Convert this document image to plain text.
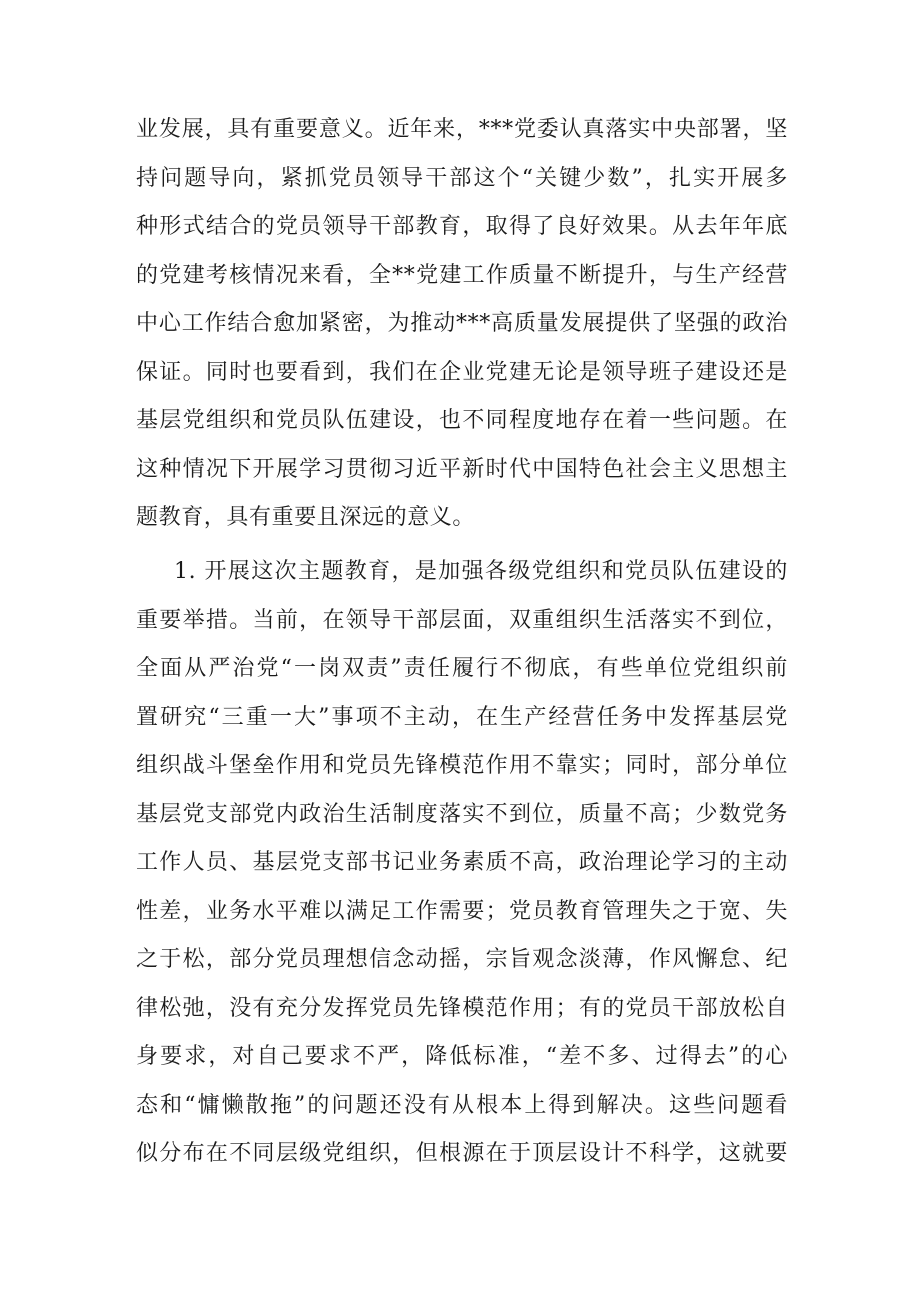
业发展，具有重要意义。近年来，***党委认真落实中央部署，坚
持问题导向，紧抓党员领导干部这个“关键少数”，扎实开展多
种形式结合的党员领导干部教育，取得了良好效果。从去年年底
的党建考核情况来看，全**党建工作质量不断提升，与生产经营
中心工作结合愈加紧密，为推动***高质量发展提供了坚强的政治
保证。同时也要看到，我们在企业党建无论是领导班子建设还是
基层党组织和党员队伍建设，也不同程度地存在着一些问题。在
这种情况下开展学习贯彻习近平新时代中国特色社会主义思想主
题教育，具有重要且深远的意义。
1. 开展这次主题教育，是加强各级党组织和党员队伍建设的
重要举措。当前，在领导干部层面，双重组织生活落实不到位，
全面从严治党“一岗双责”责任履行不彻底，有些单位党组织前
置研究“三重一大”事项不主动，在生产经营任务中发挥基层党
组织战斗堡垒作用和党员先锋模范作用不靠实；同时，部分单位
基层党支部党内政治生活制度落实不到位，质量不高；少数党务
工作人员、基层党支部书记业务素质不高，政治理论学习的主动
性差，业务水平难以满足工作需要；党员教育管理失之于宽、失
之于松，部分党员理想信念动摇，宗旨观念淡薄，作风懈怠、纪
律松弛，没有充分发挥党员先锋模范作用；有的党员干部放松自
身要求，对自己要求不严，降低标准，“差不多、过得去”的心
态和“慵懒散拖”的问题还没有从根本上得到解决。这些问题看
似分布在不同层级党组织，但根源在于顶层设计不科学，这就要
